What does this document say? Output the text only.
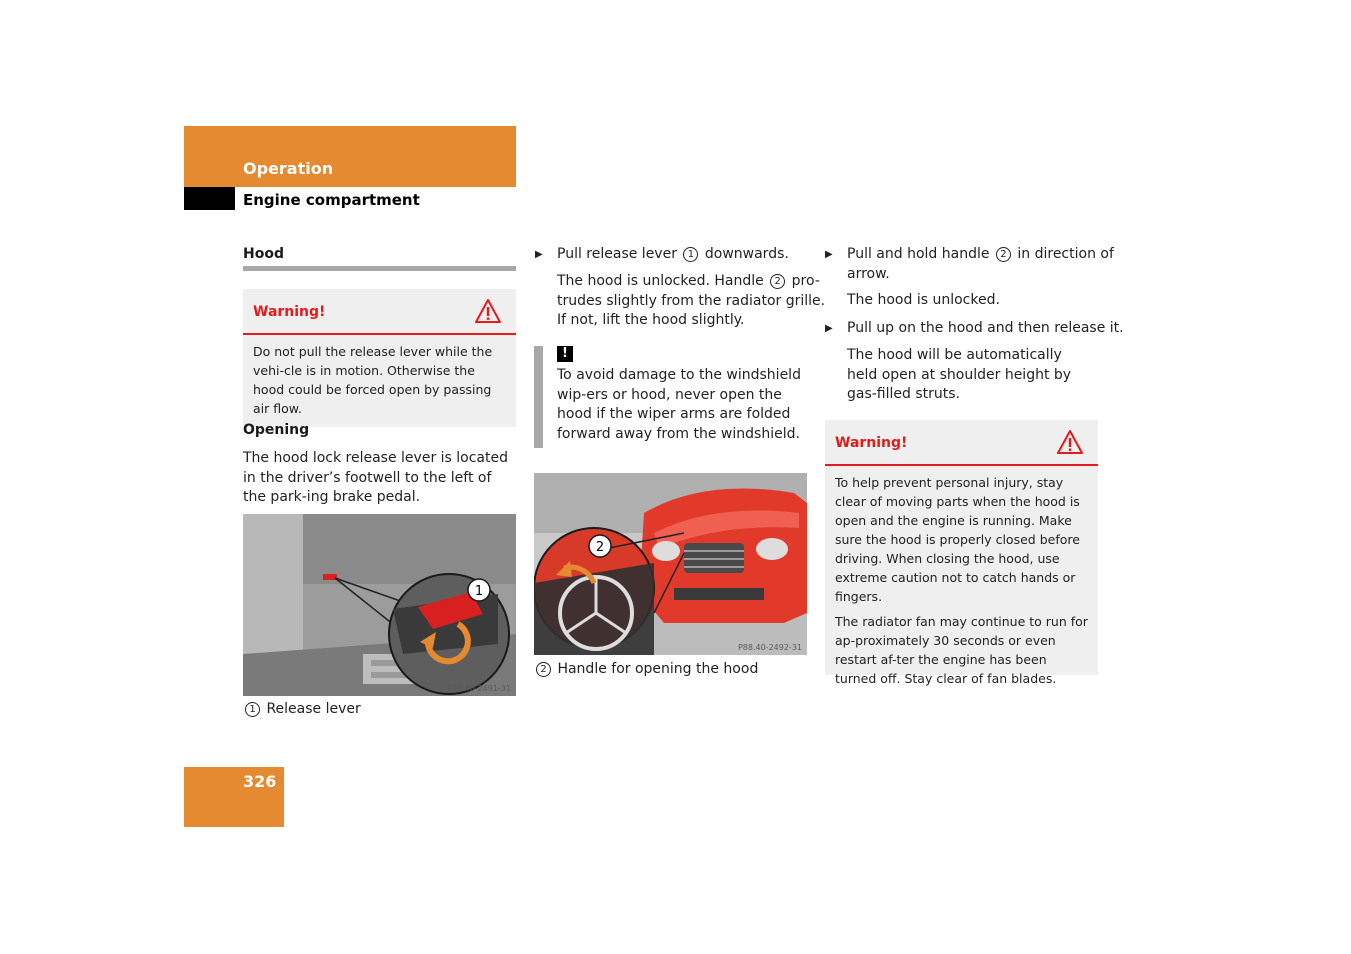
Operation
Engine compartment
Hood
Warning!

Do not pull the release lever while the vehi-cle is in motion. Otherwise the hood could be forced open by passing air flow.

Opening
The hood lock release lever is located in the driver’s footwell to the left of the park-ing brake pedal.
1
P88.40-2491-31
1 Release lever
▶ Pull release lever 1 downwards.
The hood is unlocked. Handle 2 pro-
trudes slightly from the radiator grille.
If not, lift the hood slightly.
!
To avoid damage to the windshield wip-ers or hood, never open the hood if the wiper arms are folded forward away from the windshield.
2
P88.40-2492-31
2 Handle for opening the hood
▶ Pull and hold handle 2 in direction of
arrow.
The hood is unlocked.
▶ Pull up on the hood and then release it.
The hood will be automatically held open at shoulder height by gas-filled struts.
Warning!

To help prevent personal injury, stay clear of moving parts when the hood is open and the engine is running. Make sure the hood is properly closed before driving. When closing the hood, use extreme caution not to catch hands or fingers.

The radiator fan may continue to run for ap-proximately 30 seconds or even restart af-ter the engine has been turned off. Stay clear of fan blades.

326
